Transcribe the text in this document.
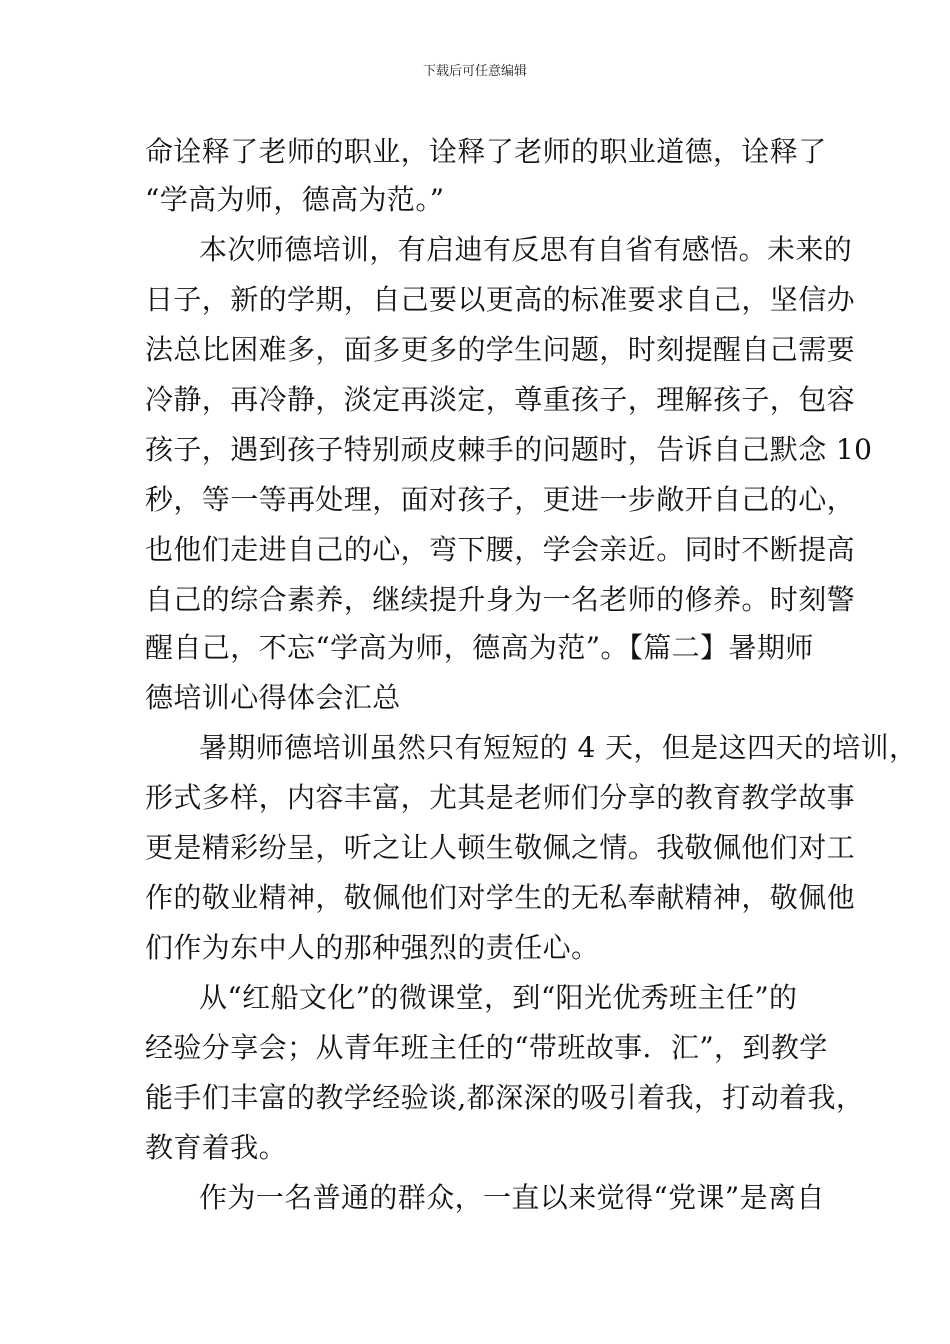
下载后可任意编辑
命诠释了老师的职业，诠释了老师的职业道德，诠释了
“学高为师，德高为范。”
本次师德培训，有启迪有反思有自省有感悟。未来的
日子，新的学期，自己要以更高的标准要求自己，坚信办
法总比困难多，面多更多的学生问题，时刻提醒自己需要
冷静，再冷静，淡定再淡定，尊重孩子，理解孩子，包容
孩子，遇到孩子特别顽皮棘手的问题时，告诉自己默念 10
秒，等一等再处理，面对孩子，更进一步敞开自己的心，
也他们走进自己的心，弯下腰，学会亲近。同时不断提高
自己的综合素养，继续提升身为一名老师的修养。时刻警
醒自己，不忘“学高为师，德高为范”。【篇二】暑期师
德培训心得体会汇总
暑期师德培训虽然只有短短的 4 天，但是这四天的培训，
形式多样，内容丰富，尤其是老师们分享的教育教学故事
更是精彩纷呈，听之让人顿生敬佩之情。我敬佩他们对工
作的敬业精神，敬佩他们对学生的无私奉献精神，敬佩他
们作为东中人的那种强烈的责任心。
从“红船文化”的微课堂，到“阳光优秀班主任”的
经验分享会；从青年班主任的“带班故事．汇”，到教学
能手们丰富的教学经验谈,都深深的吸引着我，打动着我，
教育着我。
作为一名普通的群众，一直以来觉得“党课”是离自
